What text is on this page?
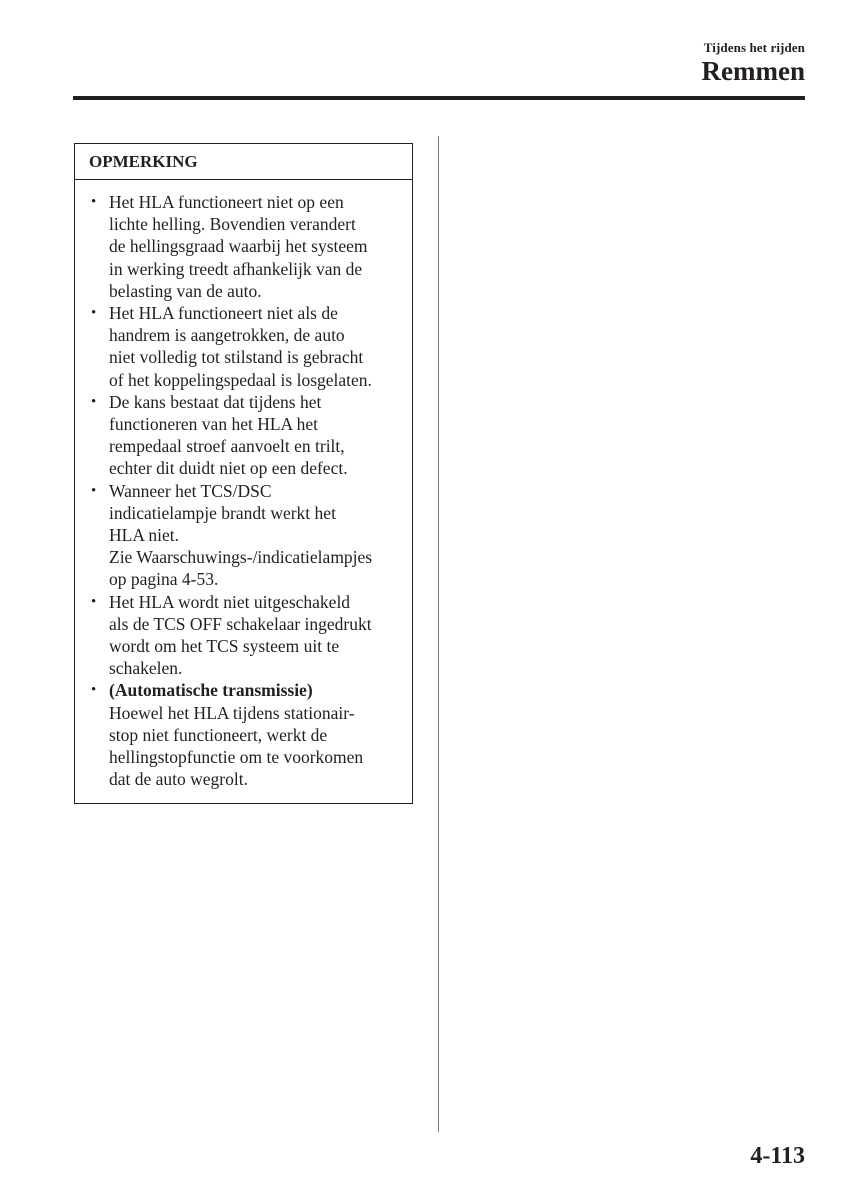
Tijdens het rijden
Remmen
OPMERKING
• Het HLA functioneert niet op een
lichte helling. Bovendien verandert
de hellingsgraad waarbij het systeem
in werking treedt afhankelijk van de
belasting van de auto.
• Het HLA functioneert niet als de
handrem is aangetrokken, de auto
niet volledig tot stilstand is gebracht
of het koppelingspedaal is losgelaten.
• De kans bestaat dat tijdens het
functioneren van het HLA het
rempedaal stroef aanvoelt en trilt,
echter dit duidt niet op een defect.
• Wanneer het TCS/DSC
indicatielampje brandt werkt het
HLA niet.
Zie Waarschuwings-/indicatielampjes
op pagina 4-53.
• Het HLA wordt niet uitgeschakeld
als de TCS OFF schakelaar ingedrukt
wordt om het TCS systeem uit te
schakelen.
• (Automatische transmissie)
Hoewel het HLA tijdens stationair-
stop niet functioneert, werkt de
hellingstopfunctie om te voorkomen
dat de auto wegrolt.
4-113
